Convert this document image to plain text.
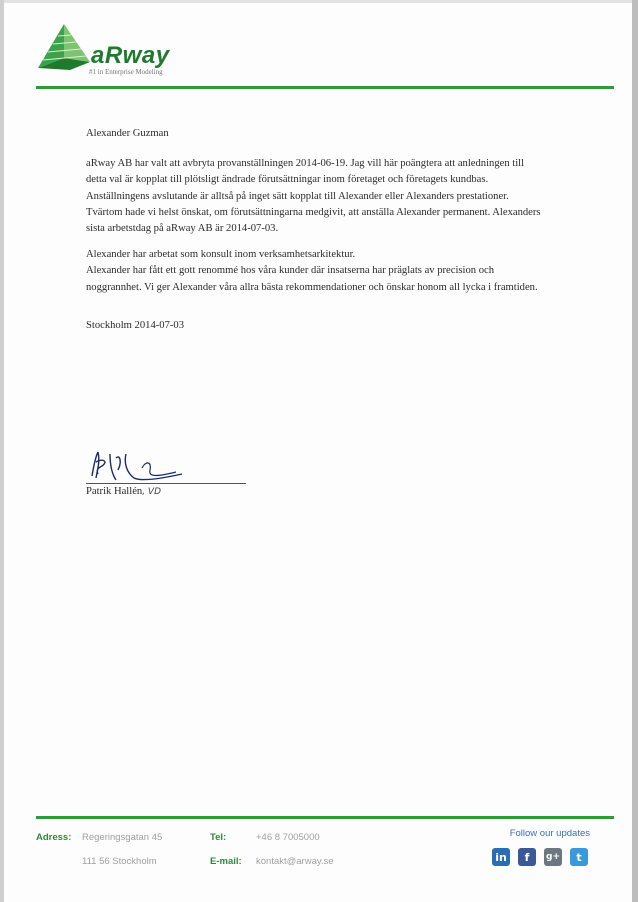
aRway
#1 in Enterprise Modeling

Alexander Guzman

aRway AB har valt att avbryta provanställningen 2014-06-19. Jag vill här poängtera att anledningen till detta val är kopplat till plötsligt ändrade förutsättningar inom företaget och företagets kundbas. Anställningens avslutande är alltså på inget sätt kopplat till Alexander eller Alexanders prestationer. Tvärtom hade vi helst önskat, om förutsättningarna medgivit, att anställa Alexander permanent. Alexanders sista arbetstdag på aRway AB är 2014-07-03.

Alexander har arbetat som konsult inom verksamhetsarkitektur.
Alexander har fått ett gott renommé hos våra kunder där insatserna har präglats av precision och noggrannhet. Vi ger Alexander våra allra bästa rekommendationer och önskar honom all lycka i framtiden.

Stockholm 2014-07-03

Patrik Hallén, VD
Adress: Regeringsgatan 45
111 56 Stockholm
Tel:	+46 8 7005000
E-mail: kontakt@arway.se
Follow our updates
in	f	g+	t
